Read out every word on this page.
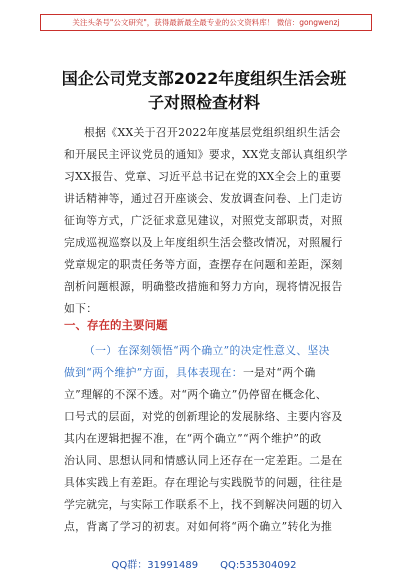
关注头条号"公文研究"，获得最新最全最专业的公文资料库！ 微信：gongwenzj
国企公司党支部2022年度组织生活会班
子对照检查材料
根据《XX关于召开2022年度基层党组织组织生活会
和开展民主评议党员的通知》要求，XX党支部认真组织学
习XX报告、党章、习近平总书记在党的XX全会上的重要
讲话精神等，通过召开座谈会、发放调查问卷、上门走访
征询等方式，广泛征求意见建议，对照党支部职责，对照
完成巡视巡察以及上年度组织生活会整改情况，对照履行
党章规定的职责任务等方面，查摆存在问题和差距，深刻
剖析问题根源，明确整改措施和努力方向，现将情况报告
如下：
一、存在的主要问题
（一）在深刻领悟“两个确立”的决定性意义、坚决
做到“两个维护”方面，具体表现在：一是对“两个确
立”理解的不深不透。对“两个确立”仍停留在概念化、
口号式的层面，对党的创新理论的发展脉络、主要内容及
其内在逻辑把握不准，在“两个确立”“两个维护”的政
治认同、思想认同和情感认同上还存在一定差距。二是在
具体实践上有差距。存在理论与实践脱节的问题，往往是
学完就完，与实际工作联系不上，找不到解决问题的切入
点，背离了学习的初衷。对如何将“两个确立”转化为推
QQ群：31991489 QQ:535304092
